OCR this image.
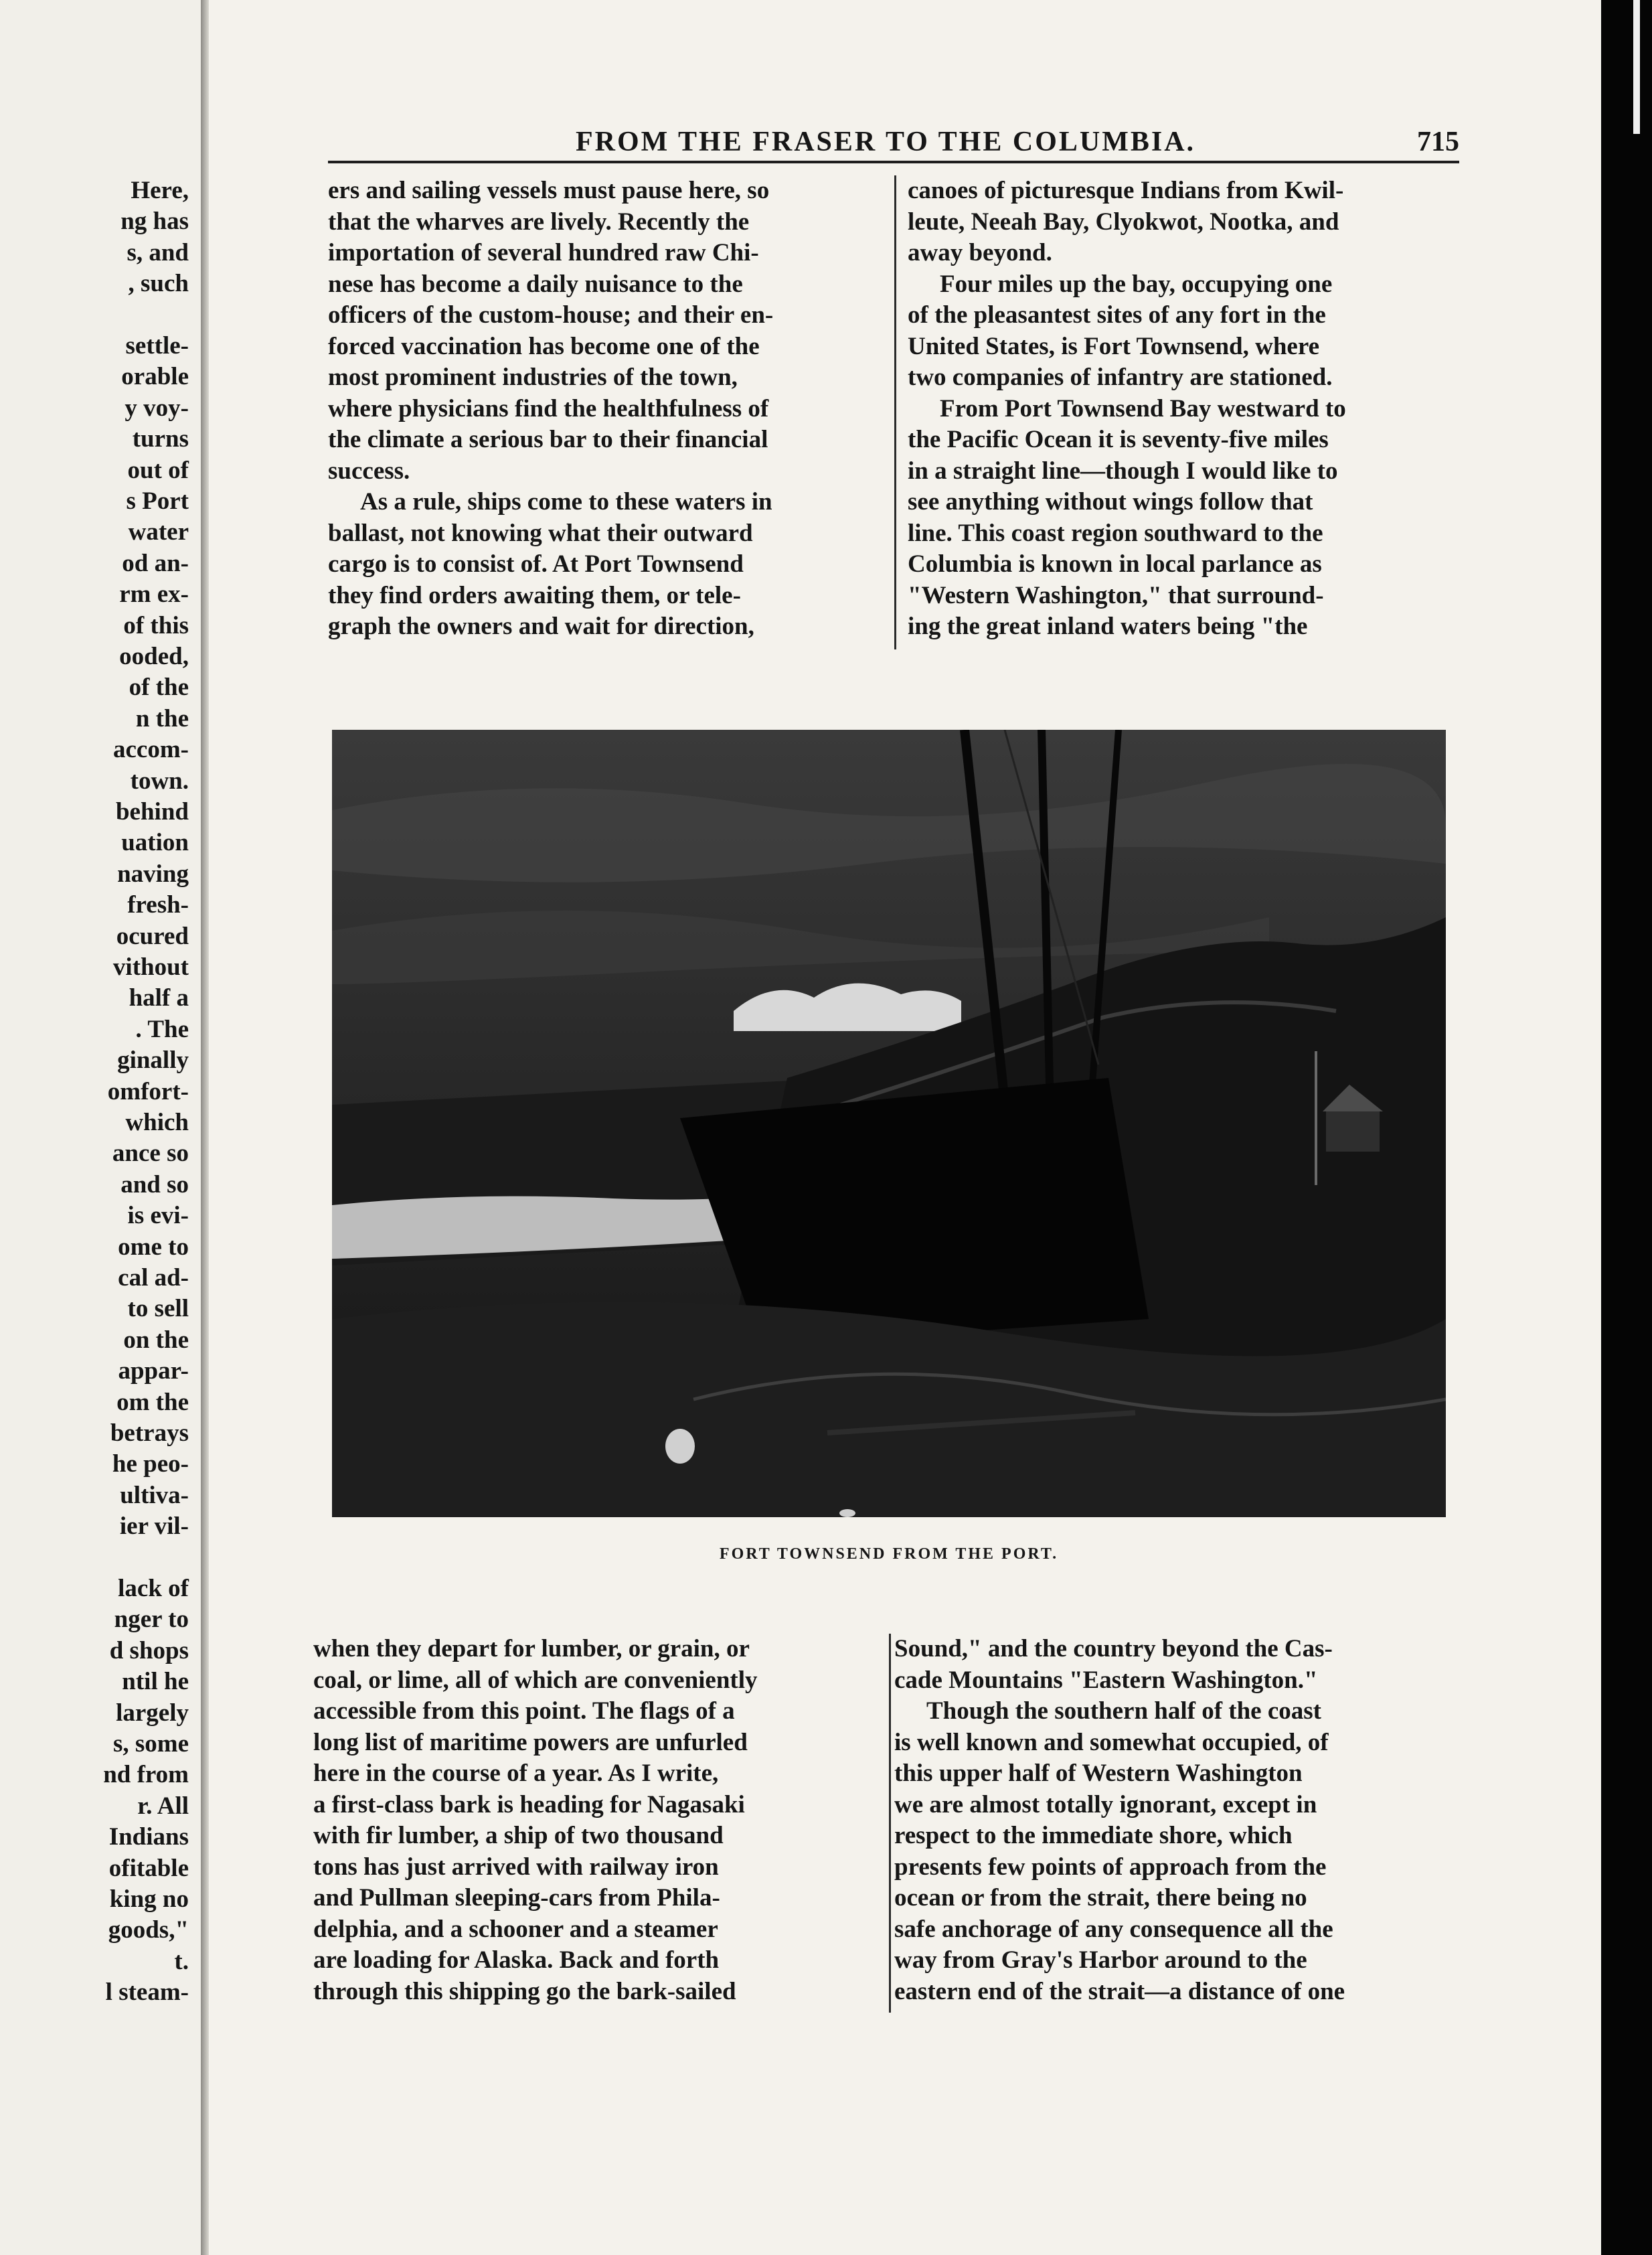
Here,
ng has
s, and
, such
settle-
orable
y voy-
turns
out of
s Port
water
od an-
rm ex-
of this
ooded,
of the
n the
accom-
town.
behind
uation
naving
fresh-
ocured
vithout
half a
. The
ginally
omfort-
which
ance so
and so
is evi-
ome to
cal ad-
to sell
on the
appar-
om the
betrays
he peo-
ultiva-
ier vil-
lack of
nger to
d shops
ntil he
largely
s, some
nd from
r. All
Indians
ofitable
king no
goods,"
t.
l steam-
FROM THE FRASER TO THE COLUMBIA.	715
ers and sailing vessels must pause here, so
that the wharves are lively. Recently the
importation of several hundred raw Chi-
nese has become a daily nuisance to the
officers of the custom-house; and their en-
forced vaccination has become one of the
most prominent industries of the town,
where physicians find the healthfulness of
the climate a serious bar to their financial
success.
As a rule, ships come to these waters in
ballast, not knowing what their outward
cargo is to consist of. At Port Townsend
they find orders awaiting them, or tele-
graph the owners and wait for direction,
canoes of picturesque Indians from Kwil-
leute, Neeah Bay, Clyokwot, Nootka, and
away beyond.
Four miles up the bay, occupying one
of the pleasantest sites of any fort in the
United States, is Fort Townsend, where
two companies of infantry are stationed.
From Port Townsend Bay westward to
the Pacific Ocean it is seventy-five miles
in a straight line—though I would like to
see anything without wings follow that
line. This coast region southward to the
Columbia is known in local parlance as
"Western Washington," that surround-
ing the great inland waters being "the
FORT TOWNSEND FROM THE PORT.
when they depart for lumber, or grain, or
coal, or lime, all of which are conveniently
accessible from this point. The flags of a
long list of maritime powers are unfurled
here in the course of a year. As I write,
a first-class bark is heading for Nagasaki
with fir lumber, a ship of two thousand
tons has just arrived with railway iron
and Pullman sleeping-cars from Phila-
delphia, and a schooner and a steamer
are loading for Alaska. Back and forth
through this shipping go the bark-sailed
Sound," and the country beyond the Cas-
cade Mountains "Eastern Washington."
Though the southern half of the coast
is well known and somewhat occupied, of
this upper half of Western Washington
we are almost totally ignorant, except in
respect to the immediate shore, which
presents few points of approach from the
ocean or from the strait, there being no
safe anchorage of any consequence all the
way from Gray's Harbor around to the
eastern end of the strait—a distance of one
